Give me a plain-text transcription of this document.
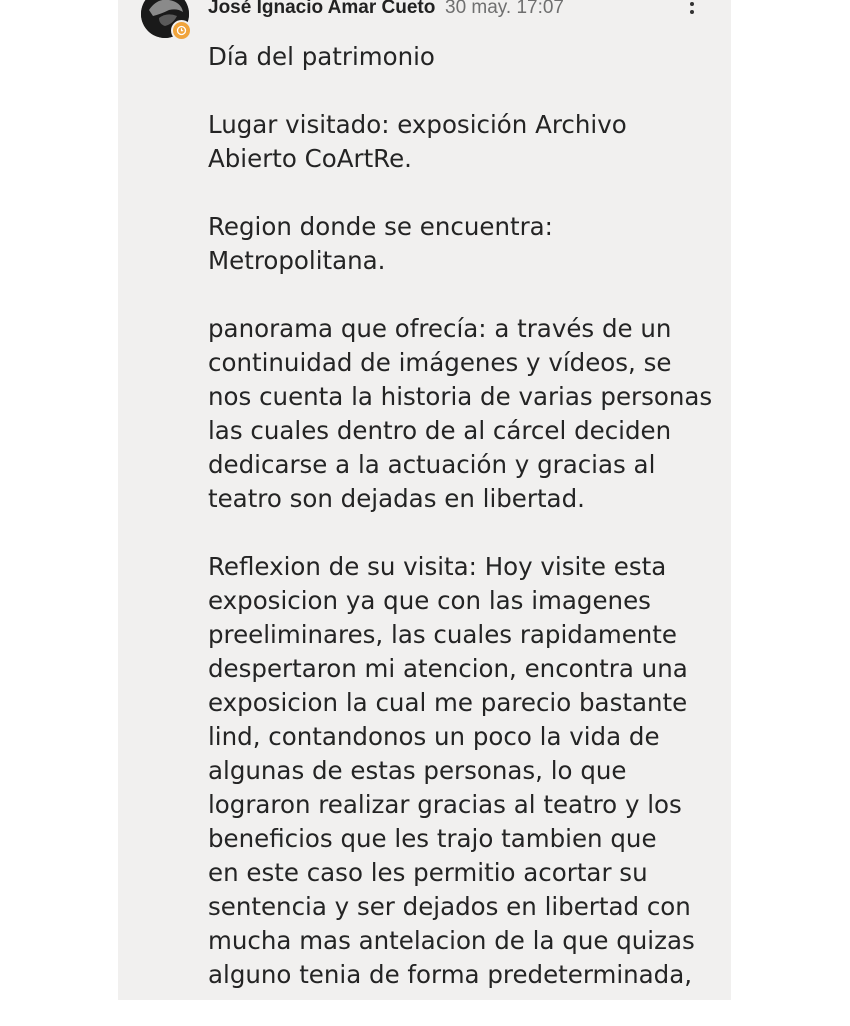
José Ignacio Amar Cueto 30 may. 17:07
Día del patrimonio
Lugar visitado: exposición Archivo
Abierto CoArtRe.
Region donde se encuentra:
Metropolitana.
panorama que ofrecía: a través de un
continuidad de imágenes y vídeos, se
nos cuenta la historia de varias personas
las cuales dentro de al cárcel deciden
dedicarse a la actuación y gracias al
teatro son dejadas en libertad.
Reflexion de su visita: Hoy visite esta
exposicion ya que con las imagenes
preeliminares, las cuales rapidamente
despertaron mi atencion, encontra una
exposicion la cual me parecio bastante
lind, contandonos un poco la vida de
algunas de estas personas, lo que
lograron realizar gracias al teatro y los
beneficios que les trajo tambien que
en este caso les permitio acortar su
sentencia y ser dejados en libertad con
mucha mas antelacion de la que quizas
alguno tenia de forma predeterminada,
